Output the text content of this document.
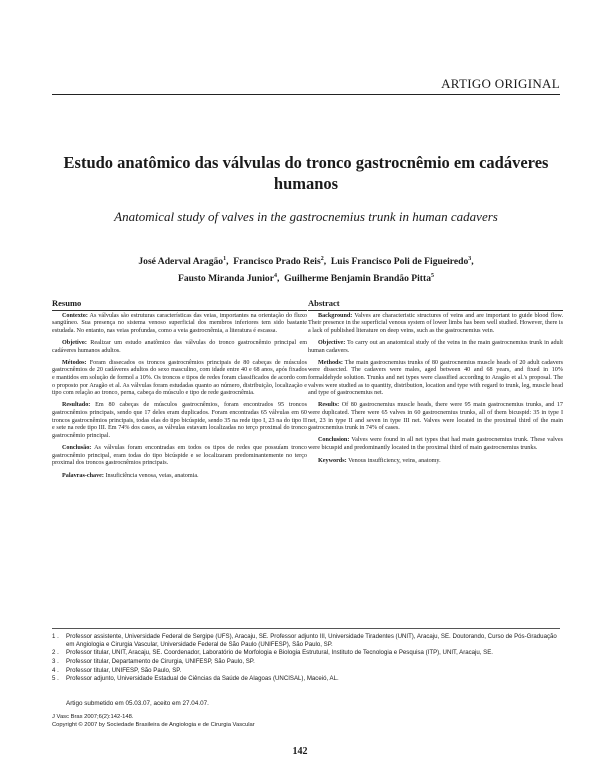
ARTIGO ORIGINAL
Estudo anatômico das válvulas do tronco gastrocnêmio em cadáveres humanos
Anatomical study of valves in the gastrocnemius trunk in human cadavers
José Aderval Aragão$^1$,  Francisco Prado Reis$^2$,  Luis Francisco Poli de Figueiredo$^3$,
Fausto Miranda Junior$^4$,  Guilherme Benjamin Brandão Pitta$^5$
Resumo

Contexto: As válvulas são estruturas características das veias, importantes na orientação do fluxo sangüíneo. Sua presença no sistema venoso superficial dos membros inferiores tem sido bastante estudada. No entanto, nas veias profundas, como a veia gastrocnêmia, a literatura é escassa.

Objetivo: Realizar um estudo anatômico das válvulas do tronco gastrocnêmio principal em cadáveres humanos adultos.

Métodos: Foram dissecados os troncos gastrocnêmios principais de 80 cabeças de músculos gastrocnêmios de 20 cadáveres adultos do sexo masculino, com idade entre 40 e 68 anos, após fixados e mantidos em solução de formol a 10%. Os troncos e tipos de redes foram classificados de acordo com o proposto por Aragão et al. As válvulas foram estudadas quanto ao número, distribuição, localização e tipo com relação ao tronco, perna, cabeça do músculo e tipo de rede gastrocnêmia.

Resultado: Em 80 cabeças de músculos gastrocnêmios, foram encontrados 95 troncos gastrocnêmios principais, sendo que 17 deles eram duplicados. Foram encontradas 65 válvulas em 60 troncos gastrocnêmios principais, todas elas do tipo bicúspide, sendo 35 na rede tipo I, 23 na do tipo II e sete na rede tipo III. Em 74% dos casos, as válvulas estavam localizadas no terço proximal do tronco gastrocnêmio principal.

Conclusão: As válvulas foram encontradas em todos os tipos de redes que possuíam tronco gastrocnêmio principal, eram todas do tipo bicúspide e se localizaram predominantemente no terço proximal dos troncos gastrocnêmios principais.

Palavras-chave: Insuficiência venosa, veias, anatomia.

Abstract

Background: Valves are characteristic structures of veins and are important to guide blood flow. Their presence in the superficial venous system of lower limbs has been well studied. However, there is a lack of published literature on deep veins, such as the gastrocnemius vein.

Objective: To carry out an anatomical study of the veins in the main gastrocnemius trunk in adult human cadavers.

Methods: The main gastrocnemius trunks of 80 gastrocnemius muscle heads of 20 adult cadavers were dissected. The cadavers were males, aged between 40 and 68 years, and fixed in 10% formaldehyde solution. Trunks and net types were classified according to Aragão et al.'s proposal. The valves were studied as to quantity, distribution, location and type with regard to trunk, leg, muscle head and type of gastrocnemius net.

Results: Of 80 gastrocnemius muscle heads, there were 95 main gastrocnemius trunks, and 17 were duplicated. There were 65 valves in 60 gastrocnemius trunks, all of them bicuspid: 35 in type I net, 23 in type II and seven in type III net. Valves were located in the proximal third of the main gastrocnemius trunk in 74% of cases.

Conclusion: Valves were found in all net types that had main gastrocnemius trunk. These valves were bicuspid and predominantly located in the proximal third of main gastrocnemius trunks.

Keywords: Venous insufficiency, veins, anatomy.

1 .	Professor assistente, Universidade Federal de Sergipe (UFS), Aracaju, SE. Professor adjunto III, Universidade Tiradentes (UNIT), Aracaju, SE. Doutorando, Curso de Pós-Graduação em Angiologia e Cirurgia Vascular, Universidade Federal de São Paulo (UNIFESP), São Paulo, SP.
2 .	Professor titular, UNIT, Aracaju, SE. Coordenador, Laboratório de Morfologia e Biologia Estrutural, Instituto de Tecnologia e Pesquisa (ITP), UNIT, Aracaju, SE.
3 .	Professor titular, Departamento de Cirurgia, UNIFESP, São Paulo, SP.
4 .	Professor titular, UNIFESP, São Paulo, SP.
5 .	Professor adjunto, Universidade Estadual de Ciências da Saúde de Alagoas (UNCISAL), Maceió, AL.
Artigo submetido em 05.03.07, aceito em 27.04.07.
J Vasc Bras 2007;6(2):142-148.
Copyright © 2007 by Sociedade Brasileira de Angiologia e de Cirurgia Vascular
142
